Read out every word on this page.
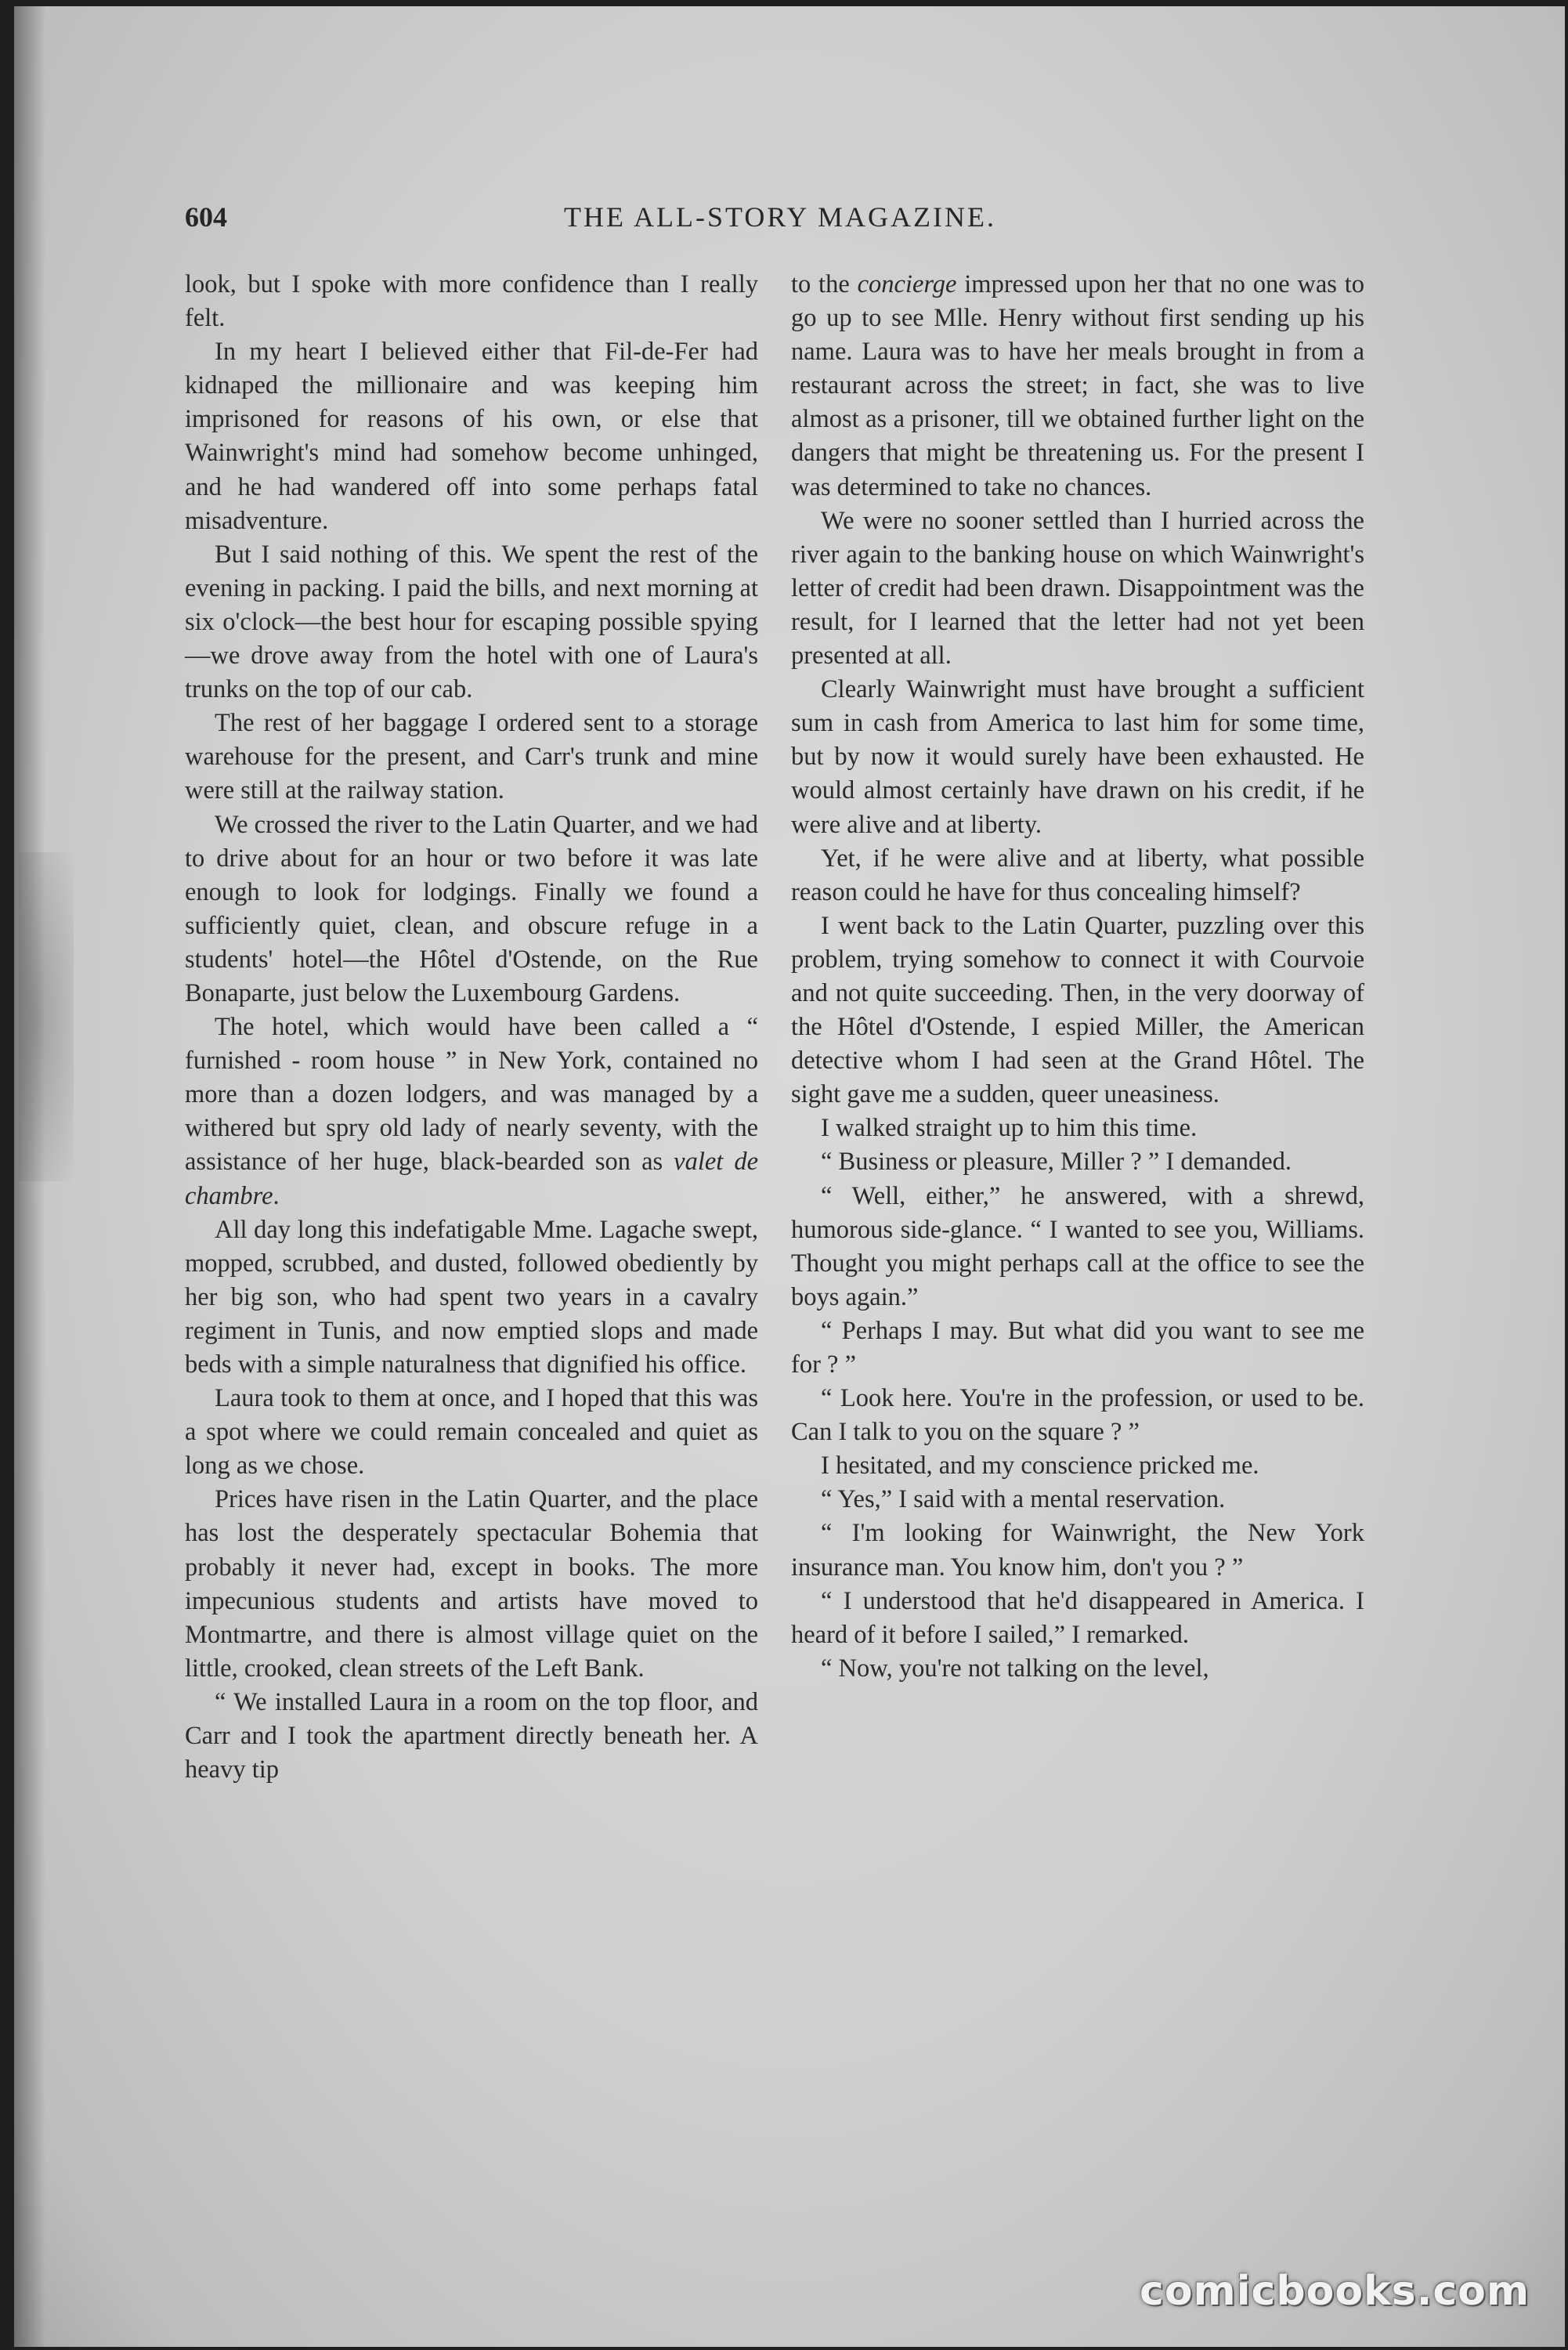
604	THE ALL-STORY MAGAZINE.

look, but I spoke with more confidence than I really felt.

In my heart I believed either that Fil-de-Fer had kidnaped the millionaire and was keeping him imprisoned for reasons of his own, or else that Wainwright's mind had somehow become unhinged, and he had wandered off into some perhaps fatal misadventure.

But I said nothing of this. We spent the rest of the evening in packing. I paid the bills, and next morning at six o'clock—the best hour for escaping possible spying—we drove away from the hotel with one of Laura's trunks on the top of our cab.

The rest of her baggage I ordered sent to a storage warehouse for the present, and Carr's trunk and mine were still at the railway station.

We crossed the river to the Latin Quarter, and we had to drive about for an hour or two before it was late enough to look for lodgings. Finally we found a sufficiently quiet, clean, and obscure refuge in a students' hotel—the Hôtel d'Ostende, on the Rue Bonaparte, just below the Luxembourg Gardens.

The hotel, which would have been called a “ furnished - room house ” in New York, contained no more than a dozen lodgers, and was managed by a withered but spry old lady of nearly seventy, with the assistance of her huge, black-bearded son as valet de chambre.

All day long this indefatigable Mme. Lagache swept, mopped, scrubbed, and dusted, followed obediently by her big son, who had spent two years in a cavalry regiment in Tunis, and now emptied slops and made beds with a simple naturalness that dignified his office.

Laura took to them at once, and I hoped that this was a spot where we could remain concealed and quiet as long as we chose.

Prices have risen in the Latin Quarter, and the place has lost the desperately spectacular Bohemia that probably it never had, except in books. The more impecunious students and artists have moved to Montmartre, and there is almost village quiet on the little, crooked, clean streets of the Left Bank.

“ We installed Laura in a room on the top floor, and Carr and I took the apartment directly beneath her. A heavy tip

to the concierge impressed upon her that no one was to go up to see Mlle. Henry without first sending up his name. Laura was to have her meals brought in from a restaurant across the street; in fact, she was to live almost as a prisoner, till we obtained further light on the dangers that might be threatening us. For the present I was determined to take no chances.

We were no sooner settled than I hurried across the river again to the banking house on which Wainwright's letter of credit had been drawn. Disappointment was the result, for I learned that the letter had not yet been presented at all.

Clearly Wainwright must have brought a sufficient sum in cash from America to last him for some time, but by now it would surely have been exhausted. He would almost certainly have drawn on his credit, if he were alive and at liberty.

Yet, if he were alive and at liberty, what possible reason could he have for thus concealing himself?

I went back to the Latin Quarter, puzzling over this problem, trying somehow to connect it with Courvoie and not quite succeeding. Then, in the very doorway of the Hôtel d'Ostende, I espied Miller, the American detective whom I had seen at the Grand Hôtel. The sight gave me a sudden, queer uneasiness.

I walked straight up to him this time.

“ Business or pleasure, Miller ? ” I demanded.

“ Well, either,” he answered, with a shrewd, humorous side-glance. “ I wanted to see you, Williams. Thought you might perhaps call at the office to see the boys again.”

“ Perhaps I may. But what did you want to see me for ? ”

“ Look here. You're in the profession, or used to be. Can I talk to you on the square ? ”

I hesitated, and my conscience pricked me.

“ Yes,” I said with a mental reservation.

“ I'm looking for Wainwright, the New York insurance man. You know him, don't you ? ”

“ I understood that he'd disappeared in America. I heard of it before I sailed,” I remarked.

“ Now, you're not talking on the level,

comicbooks.com
